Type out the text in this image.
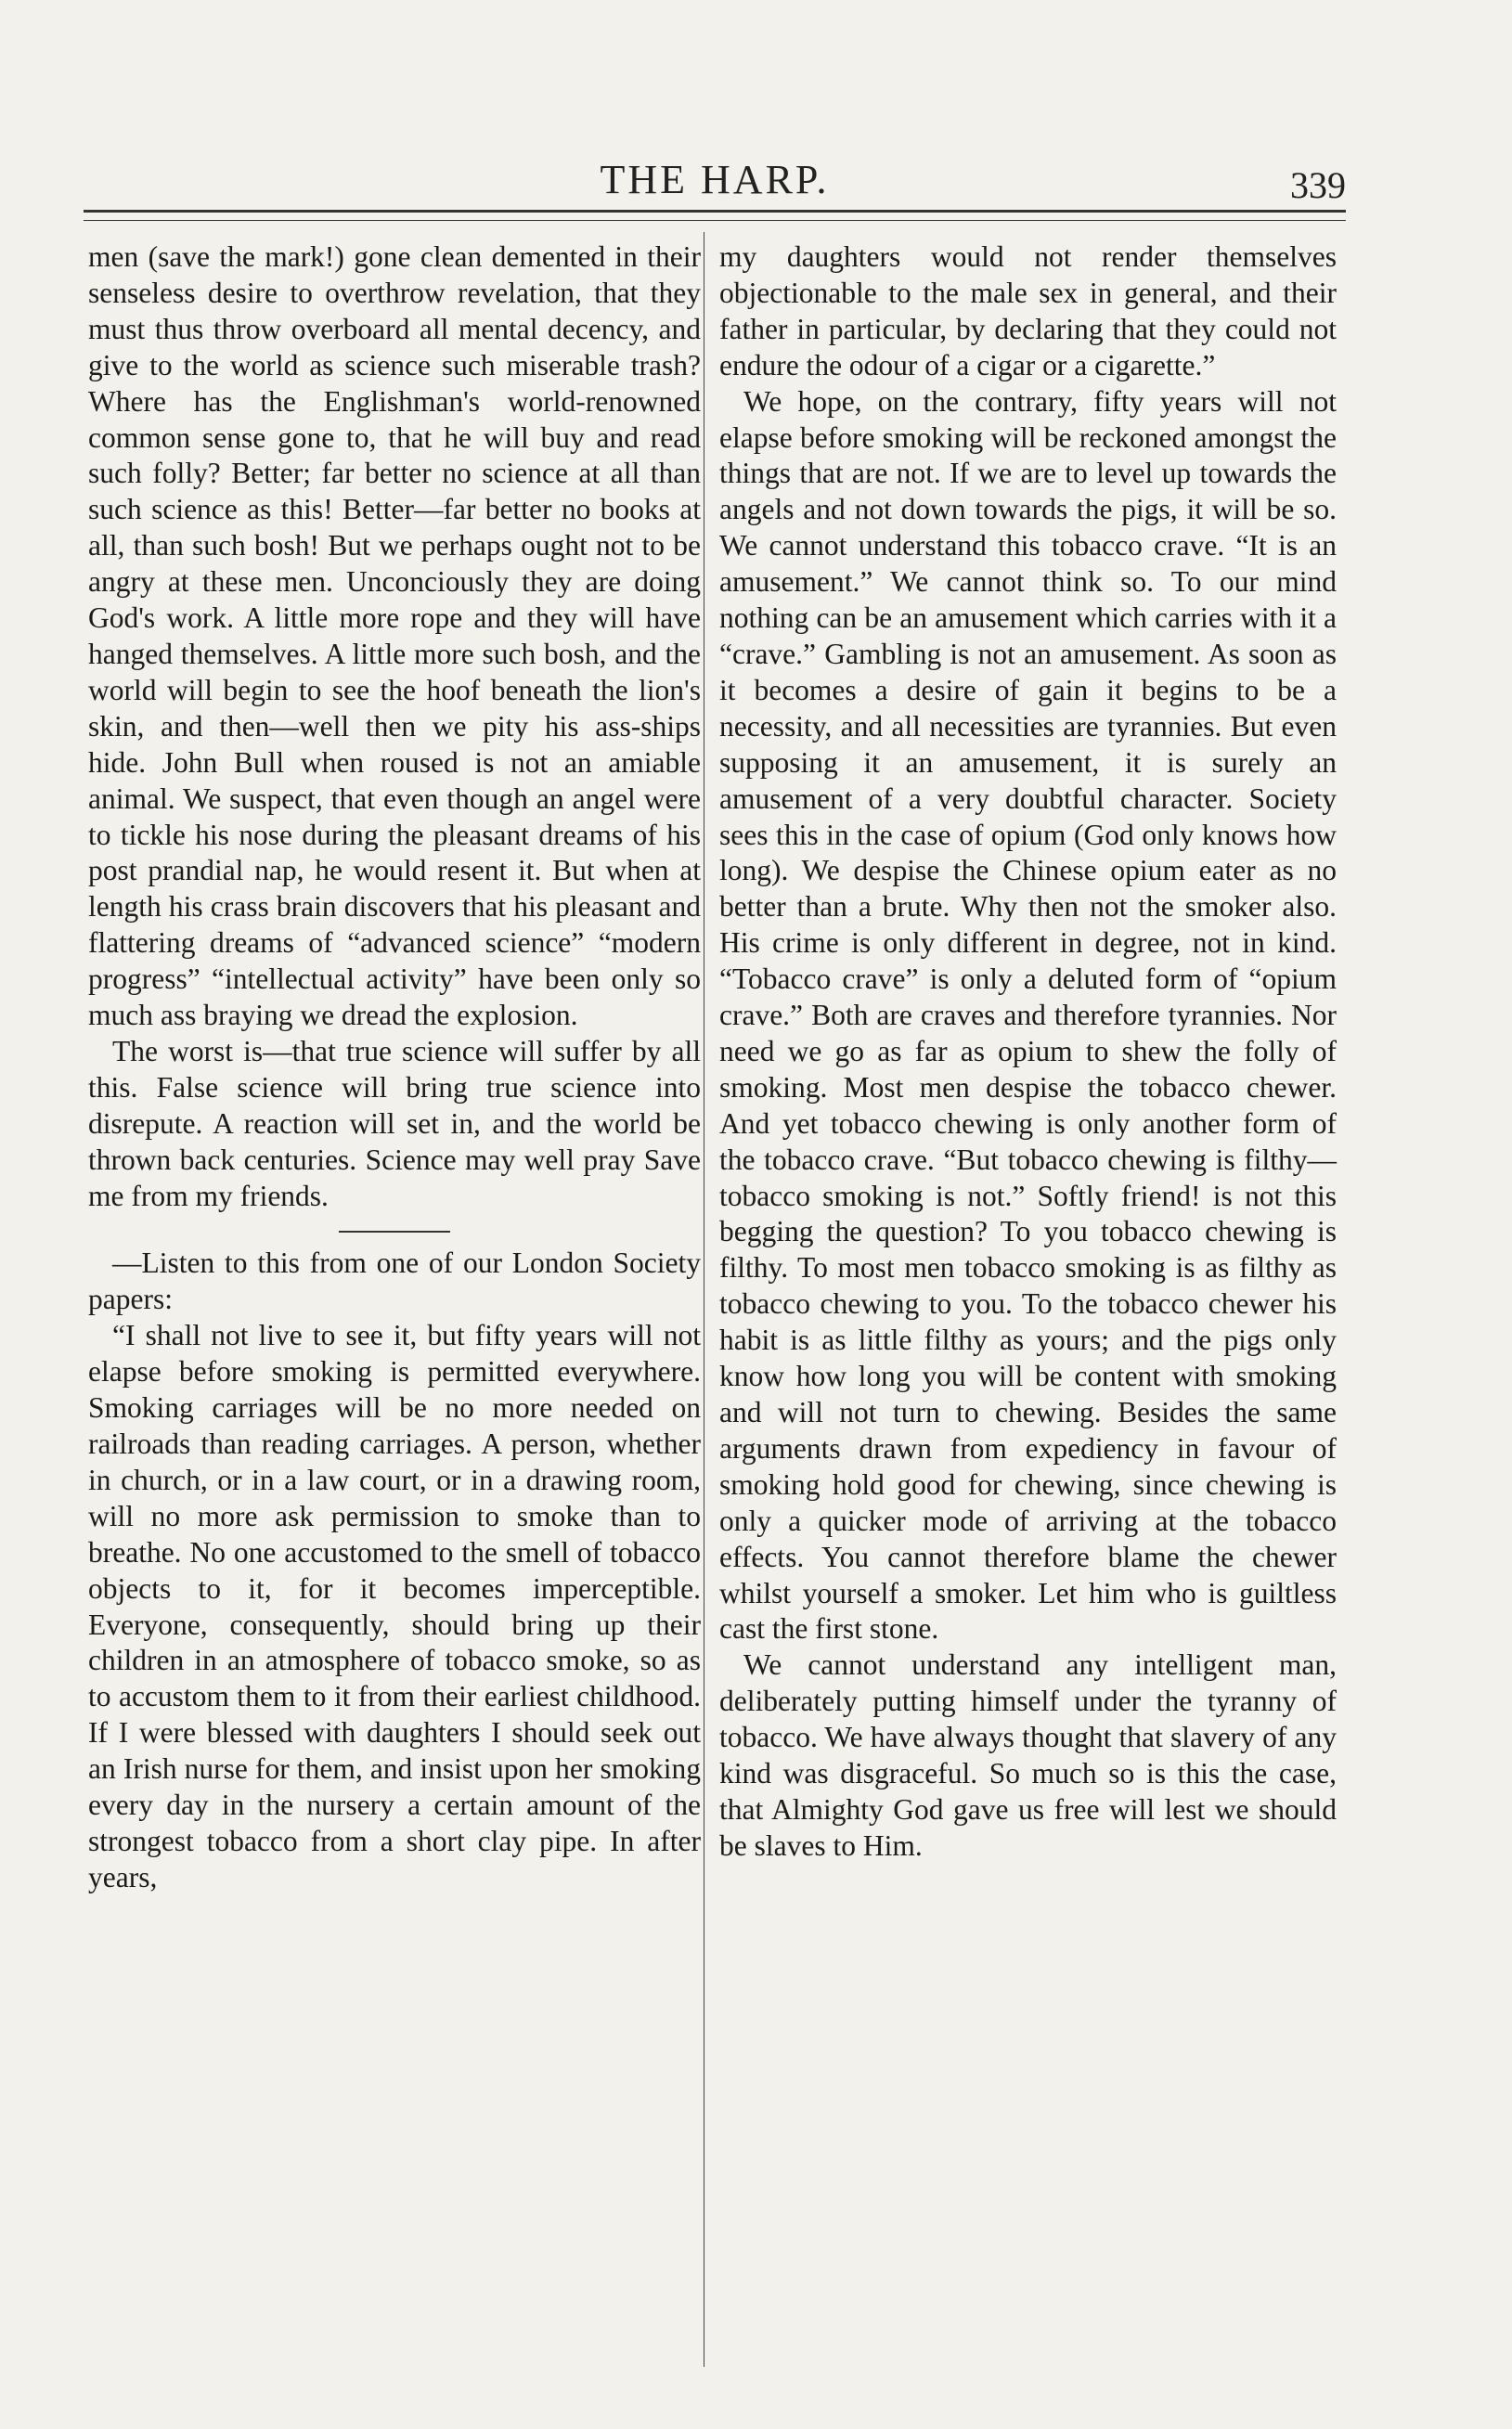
THE HARP.	339

men (save the mark!) gone clean demented in their senseless desire to overthrow revelation, that they must thus throw overboard all mental decency, and give to the world as science such miserable trash? Where has the Englishman's world-renowned common sense gone to, that he will buy and read such folly? Better; far better no science at all than such science as this! Better—far better no books at all, than such bosh! But we perhaps ought not to be angry at these men. Unconciously they are doing God's work. A little more rope and they will have hanged themselves. A little more such bosh, and the world will begin to see the hoof beneath the lion's skin, and then—well then we pity his ass-ships hide. John Bull when roused is not an amiable animal. We suspect, that even though an angel were to tickle his nose during the pleasant dreams of his post prandial nap, he would resent it. But when at length his crass brain discovers that his pleasant and flattering dreams of “advanced science” “modern progress” “intellectual activity” have been only so much ass braying we dread the explosion.

The worst is—that true science will suffer by all this. False science will bring true science into disrepute. A reaction will set in, and the world be thrown back centuries. Science may well pray Save me from my friends.

—Listen to this from one of our London Society papers:

“I shall not live to see it, but fifty years will not elapse before smoking is permitted everywhere. Smoking carriages will be no more needed on railroads than reading carriages. A person, whether in church, or in a law court, or in a drawing room, will no more ask permission to smoke than to breathe. No one accustomed to the smell of tobacco objects to it, for it becomes imperceptible. Everyone, consequently, should bring up their children in an atmosphere of tobacco smoke, so as to accustom them to it from their earliest childhood. If I were blessed with daughters I should seek out an Irish nurse for them, and insist upon her smoking every day in the nursery a certain amount of the strongest tobacco from a short clay pipe. In after years,

my daughters would not render themselves objectionable to the male sex in general, and their father in particular, by declaring that they could not endure the odour of a cigar or a cigarette.”

We hope, on the contrary, fifty years will not elapse before smoking will be reckoned amongst the things that are not. If we are to level up towards the angels and not down towards the pigs, it will be so. We cannot understand this tobacco crave. “It is an amusement.” We cannot think so. To our mind nothing can be an amusement which carries with it a “crave.” Gambling is not an amusement. As soon as it becomes a desire of gain it begins to be a necessity, and all necessities are tyrannies. But even supposing it an amusement, it is surely an amusement of a very doubtful character. Society sees this in the case of opium (God only knows how long). We despise the Chinese opium eater as no better than a brute. Why then not the smoker also. His crime is only different in degree, not in kind. “Tobacco crave” is only a deluted form of “opium crave.” Both are craves and therefore tyrannies. Nor need we go as far as opium to shew the folly of smoking. Most men despise the tobacco chewer. And yet tobacco chewing is only another form of the tobacco crave. “But tobacco chewing is filthy—tobacco smoking is not.” Softly friend! is not this begging the question? To you tobacco chewing is filthy. To most men tobacco smoking is as filthy as tobacco chewing to you. To the tobacco chewer his habit is as little filthy as yours; and the pigs only know how long you will be content with smoking and will not turn to chewing. Besides the same arguments drawn from expediency in favour of smoking hold good for chewing, since chewing is only a quicker mode of arriving at the tobacco effects. You cannot therefore blame the chewer whilst yourself a smoker. Let him who is guiltless cast the first stone.

We cannot understand any intelligent man, deliberately putting himself under the tyranny of tobacco. We have always thought that slavery of any kind was disgraceful. So much so is this the case, that Almighty God gave us free will lest we should be slaves to Him.
